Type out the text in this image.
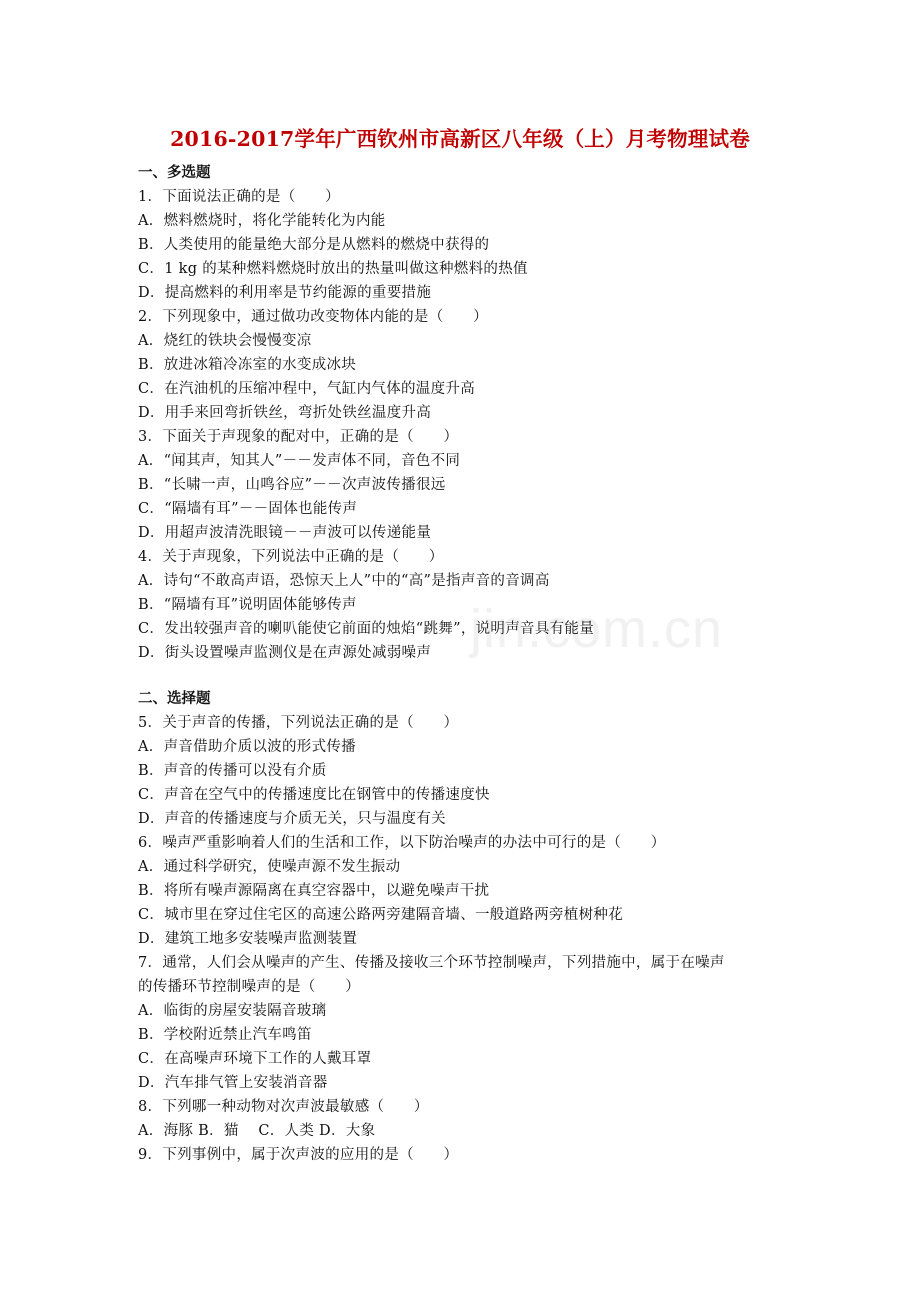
jin.com.cn
2016-2017学年广西钦州市高新区八年级（上）月考物理试卷
一、多选题
1．下面说法正确的是（　　）
A．燃料燃烧时，将化学能转化为内能
B．人类使用的能量绝大部分是从燃料的燃烧中获得的
C．1 kg 的某种燃料燃烧时放出的热量叫做这种燃料的热值
D．提高燃料的利用率是节约能源的重要措施
2．下列现象中，通过做功改变物体内能的是（　　）
A．烧红的铁块会慢慢变凉
B．放进冰箱冷冻室的水变成冰块
C．在汽油机的压缩冲程中，气缸内气体的温度升高
D．用手来回弯折铁丝，弯折处铁丝温度升高
3．下面关于声现象的配对中，正确的是（　　）
A．“闻其声，知其人”－－发声体不同，音色不同
B．“长啸一声，山鸣谷应”－－次声波传播很远
C．“隔墙有耳”－－固体也能传声
D．用超声波清洗眼镜－－声波可以传递能量
4．关于声现象，下列说法中正确的是（　　）
A．诗句“不敢高声语，恐惊天上人”中的“高”是指声音的音调高
B．“隔墙有耳”说明固体能够传声
C．发出较强声音的喇叭能使它前面的烛焰“跳舞”，说明声音具有能量
D．街头设置噪声监测仪是在声源处减弱噪声
二、选择题
5．关于声音的传播，下列说法正确的是（　　）
A．声音借助介质以波的形式传播
B．声音的传播可以没有介质
C．声音在空气中的传播速度比在钢管中的传播速度快
D．声音的传播速度与介质无关，只与温度有关
6．噪声严重影响着人们的生活和工作，以下防治噪声的办法中可行的是（　　）
A．通过科学研究，使噪声源不发生振动
B．将所有噪声源隔离在真空容器中，以避免噪声干扰
C．城市里在穿过住宅区的高速公路两旁建隔音墙、一般道路两旁植树种花
D．建筑工地多安装噪声监测装置
7．通常，人们会从噪声的产生、传播及接收三个环节控制噪声，下列措施中，属于在噪声
的传播环节控制噪声的是（　　）
A．临街的房屋安装隔音玻璃
B．学校附近禁止汽车鸣笛
C．在高噪声环境下工作的人戴耳罩
D．汽车排气管上安装消音器
8．下列哪一种动物对次声波最敏感（　　）
A．海豚 B．猫　 C．人类 D．大象
9．下列事例中，属于次声波的应用的是（　　）
